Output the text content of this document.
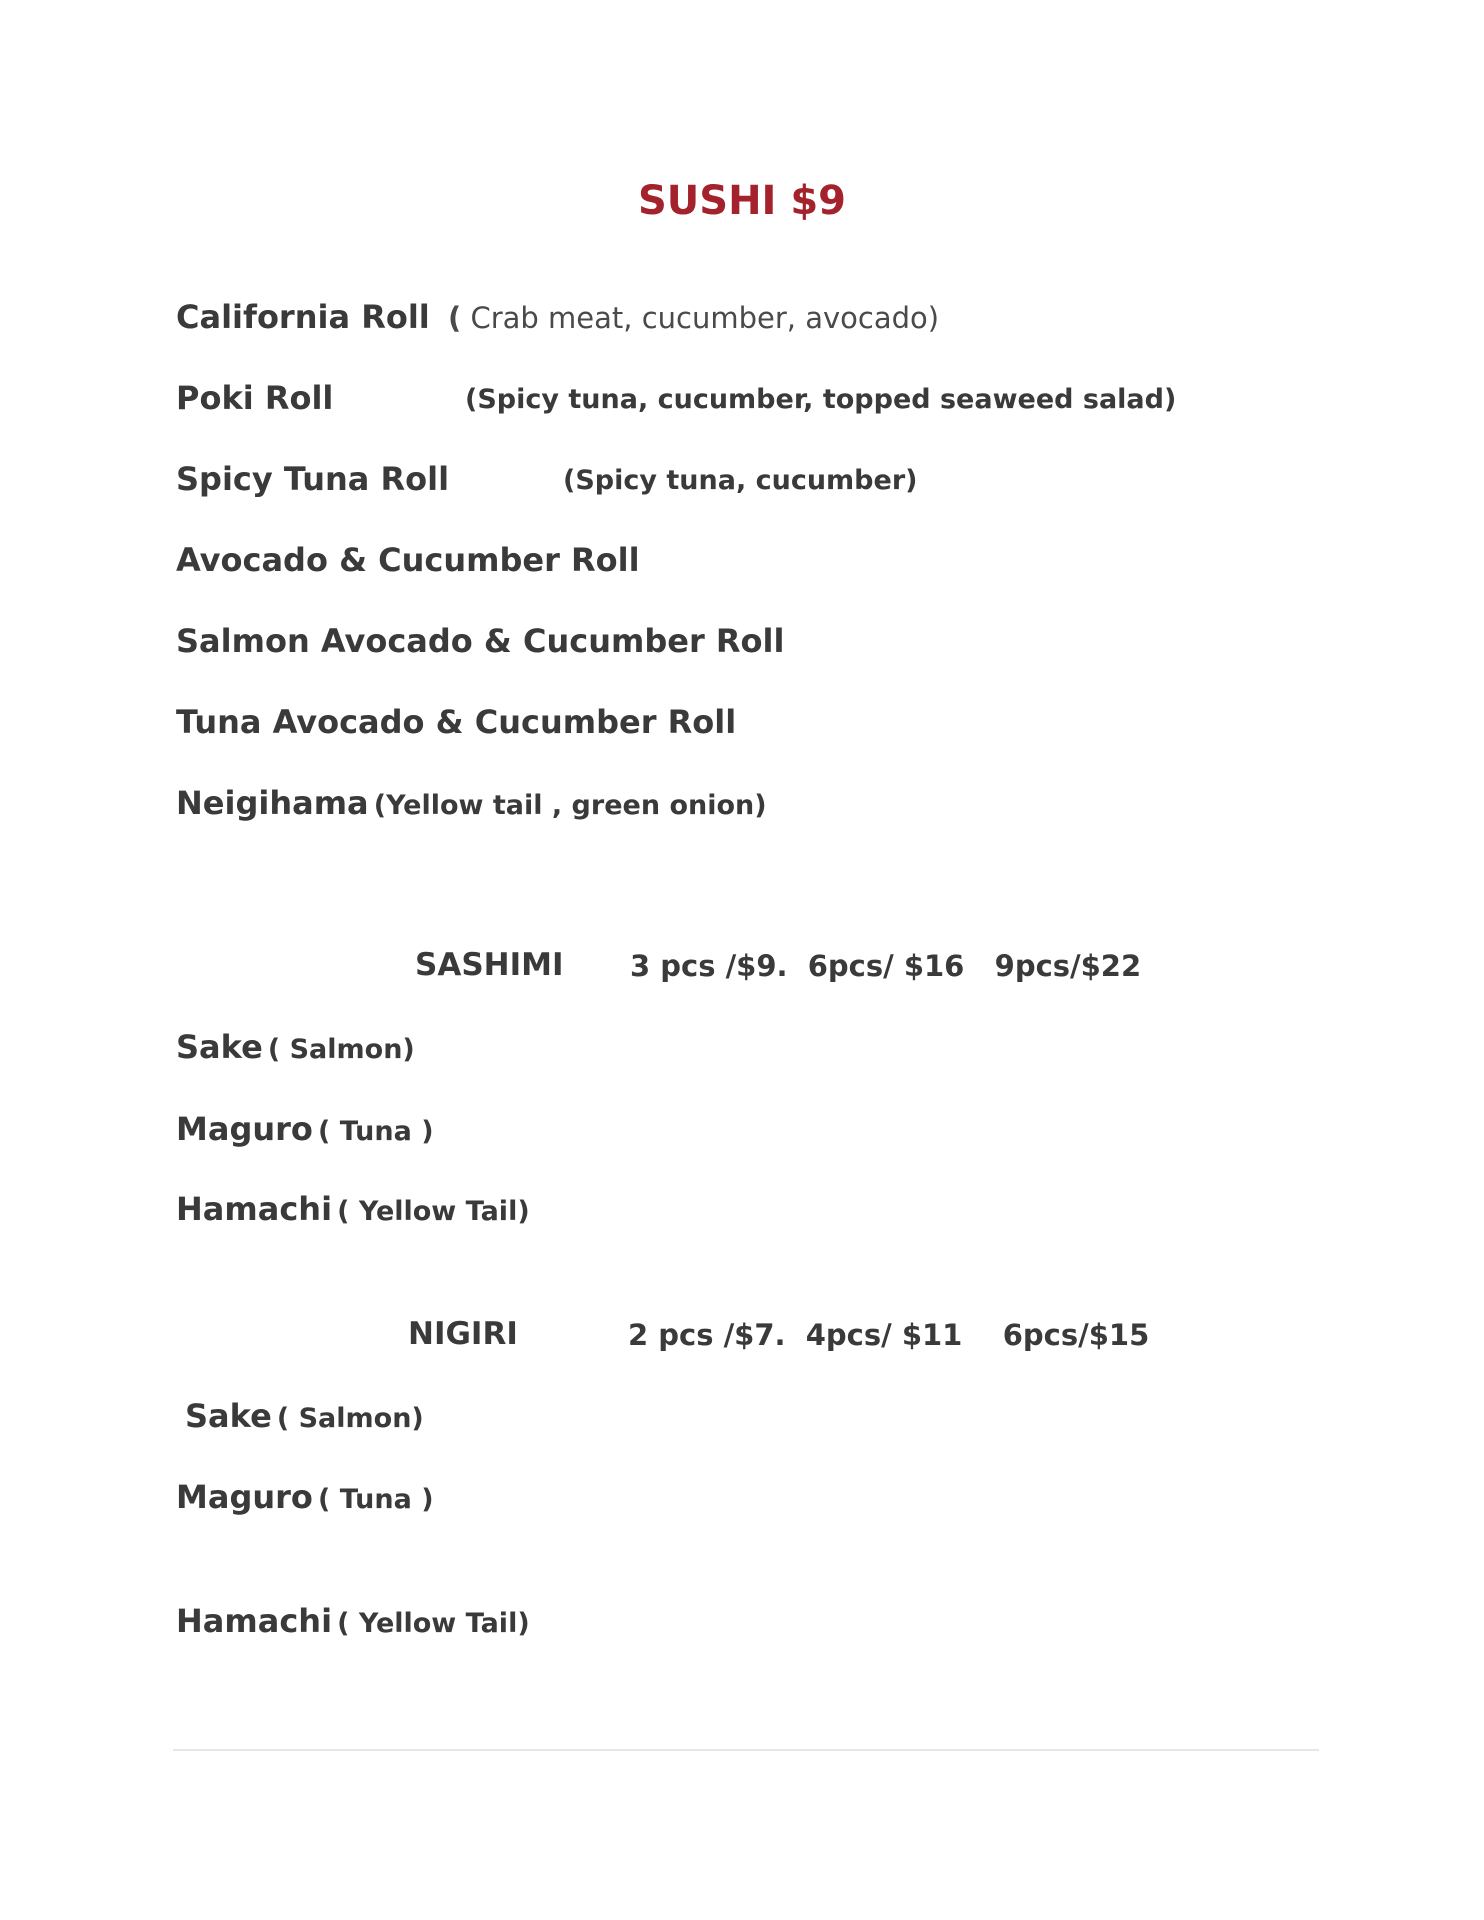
SUSHI $9
California Roll ( Crab meat, cucumber, avocado)
Poki Roll	(Spicy tuna, cucumber, topped seaweed salad)
Spicy Tuna Roll	(Spicy tuna, cucumber)
Avocado & Cucumber Roll
Salmon Avocado & Cucumber Roll
Tuna Avocado & Cucumber Roll
Neigihama (Yellow tail , green onion)
SASHIMI 3 pcs /$9.  6pcs/ $16   9pcs/$22
Sake ( Salmon)
Maguro ( Tuna )
Hamachi ( Yellow Tail)
NIGIRI	2 pcs /$7.  4pcs/ $11    6pcs/$15
Sake ( Salmon)
Maguro ( Tuna )
Hamachi ( Yellow Tail)
